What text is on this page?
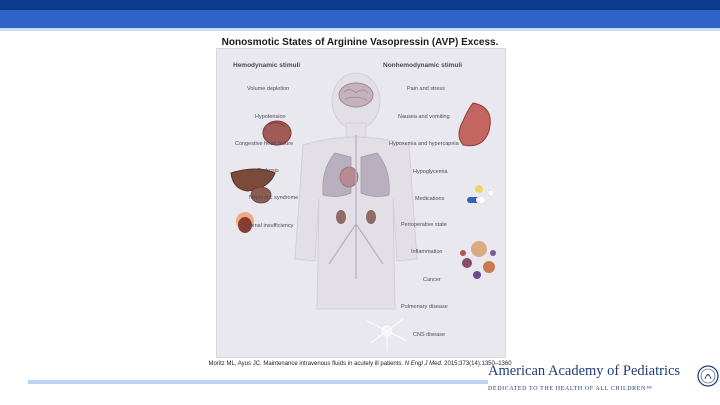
Nonosmotic States of Arginine Vasopressin (AVP) Excess.
Hemodynamic stimuli	Nonhemodynamic stimuli
Volume depletion
Hypotension
Congestive heart failure
Cirrhosis
Nephrotic syndrome
Adrenal insufficiency
Pain and stress
Nausea and vomiting
Hypoxemia and hypercapnia
Hypoglycemia
Medications
Perioperative state
Inflammation
Cancer
Pulmonary disease
CNS disease
Moritz ML, Ayus JC. Maintenance intravenous fluids in acutely ill patients. N Engl J Med. 2015;373(14):1350–1360
American Academy of Pediatrics
DEDICATED TO THE HEALTH OF ALL CHILDREN™
